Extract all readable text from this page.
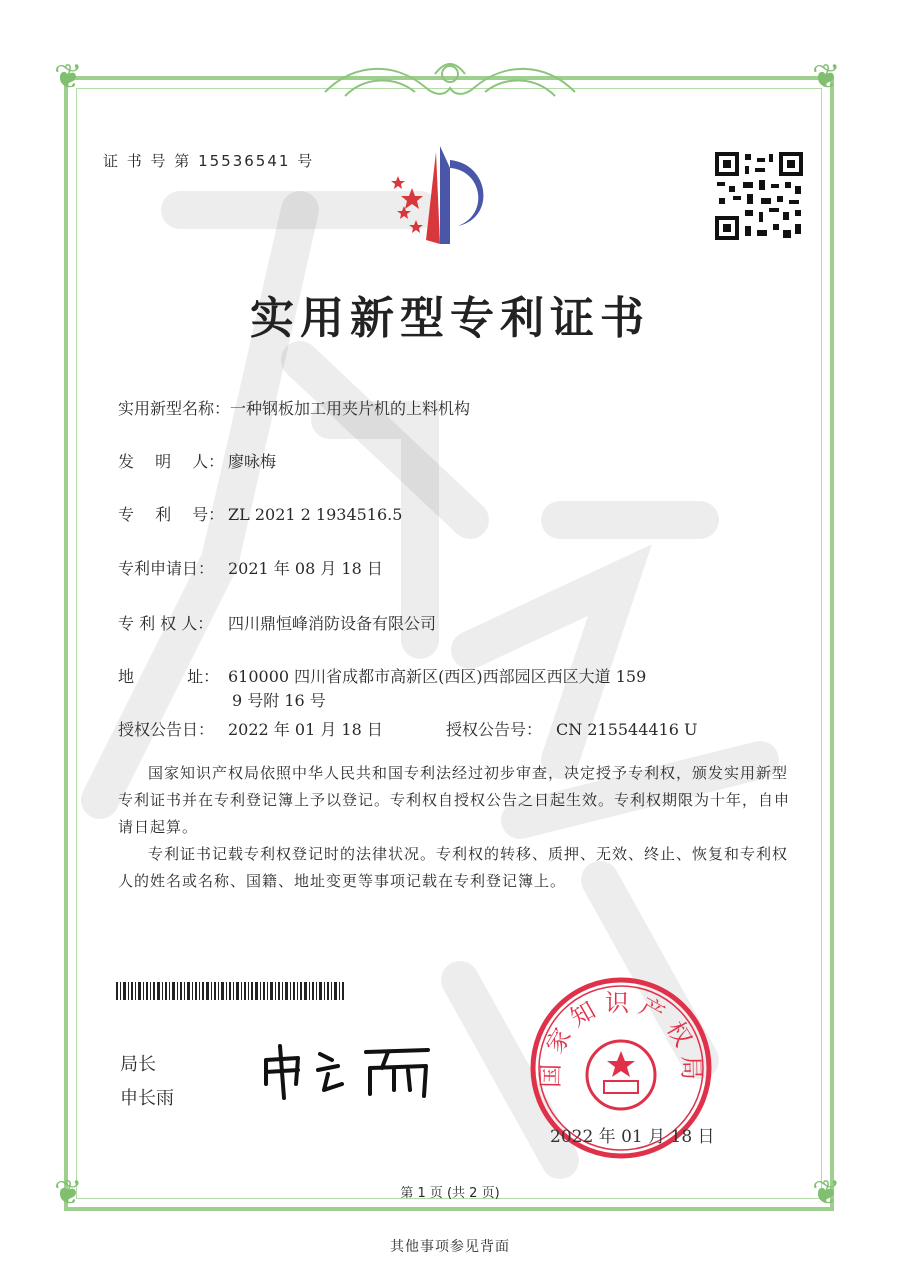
❦	❦
❦	❦
证 书 号 第 15536541 号
实用新型专利证书
实用新型名称：一种钢板加工用夹片机的上料机构
发　 明　 人： 廖咏梅
专　 利　 号： ZL 2021 2 1934516.5
专利申请日： 2021 年 08 月 18 日
专 利 权 人： 四川鼎恒峰消防设备有限公司
地　　　 址： 610000 四川省成都市高新区(西区)西部园区西区大道 159
9 号附 16 号
授权公告日： 2022 年 01 月 18 日	授权公告号： CN 215544416 U
国家知识产权局依照中华人民共和国专利法经过初步审查，决定授予专利权，颁发实用新型专利证书并在专利登记簿上予以登记。专利权自授权公告之日起生效。专利权期限为十年，自申请日起算。
专利证书记载专利权登记时的法律状况。专利权的转移、质押、无效、终止、恢复和专利权人的姓名或名称、国籍、地址变更等事项记载在专利登记簿上。
局长
申长雨
国家知识产权局
2022 年 01 月 18 日
第 1 页 (共 2 页)
其他事项参见背面
